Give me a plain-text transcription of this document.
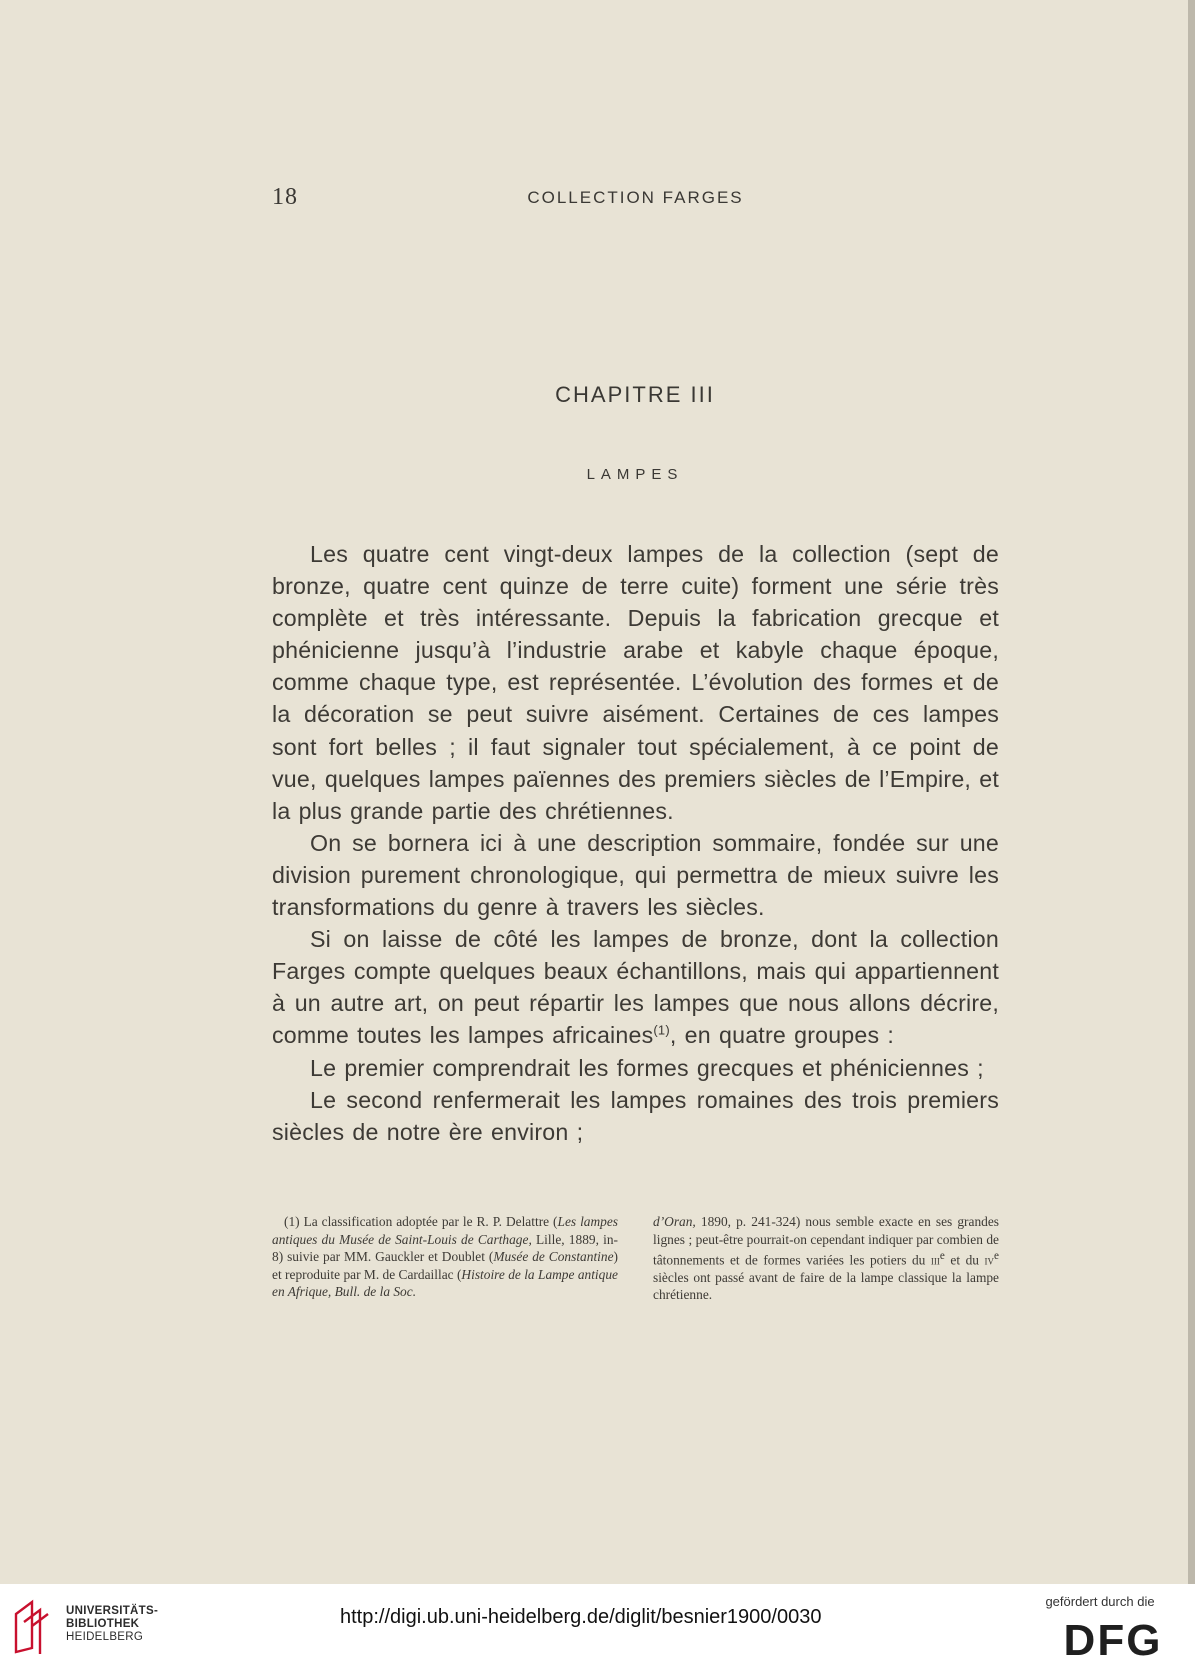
18	COLLECTION FARGES
CHAPITRE III
LAMPES

Les quatre cent vingt-deux lampes de la collection (sept de bronze, quatre cent quinze de terre cuite) forment une série très complète et très intéressante. Depuis la fabrication grecque et phénicienne jusqu’à l’industrie arabe et kabyle chaque époque, comme chaque type, est représentée. L’évolution des formes et de la décoration se peut suivre aisément. Certaines de ces lampes sont fort belles ; il faut signaler tout spécialement, à ce point de vue, quelques lampes païennes des premiers siècles de l’Empire, et la plus grande partie des chrétiennes.

On se bornera ici à une description sommaire, fondée sur une division purement chronologique, qui permettra de mieux suivre les transformations du genre à travers les siècles.

Si on laisse de côté les lampes de bronze, dont la collection Farges compte quelques beaux échantillons, mais qui appartiennent à un autre art, on peut répartir les lampes que nous allons décrire, comme toutes les lampes africaines$^{(1)}$, en quatre groupes :

Le premier comprendrait les formes grecques et phéniciennes ;

Le second renfermerait les lampes romaines des trois premiers siècles de notre ère environ ;

(1) La classification adoptée par le R. P. Delattre (Les lampes antiques du Musée de Saint-Louis de Carthage, Lille, 1889, in-8) suivie par MM. Gauckler et Doublet (Musée de Constantine) et reproduite par M. de Cardaillac (Histoire de la Lampe antique en Afrique, Bull. de la Soc.

d’Oran, 1890, p. 241-324) nous semble exacte en ses grandes lignes ; peut-être pourrait-on cependant indiquer par combien de tâtonnements et de formes variées les potiers du iii$^e$ et du $iv^e$ siècles ont passé avant de faire de la lampe classique la lampe chrétienne.

UNIVERSITÄTS-
BIBLIOTHEK
HEIDELBERG
http://digi.ub.uni-heidelberg.de/diglit/besnier1900/0030
gefördert durch die
DFG
